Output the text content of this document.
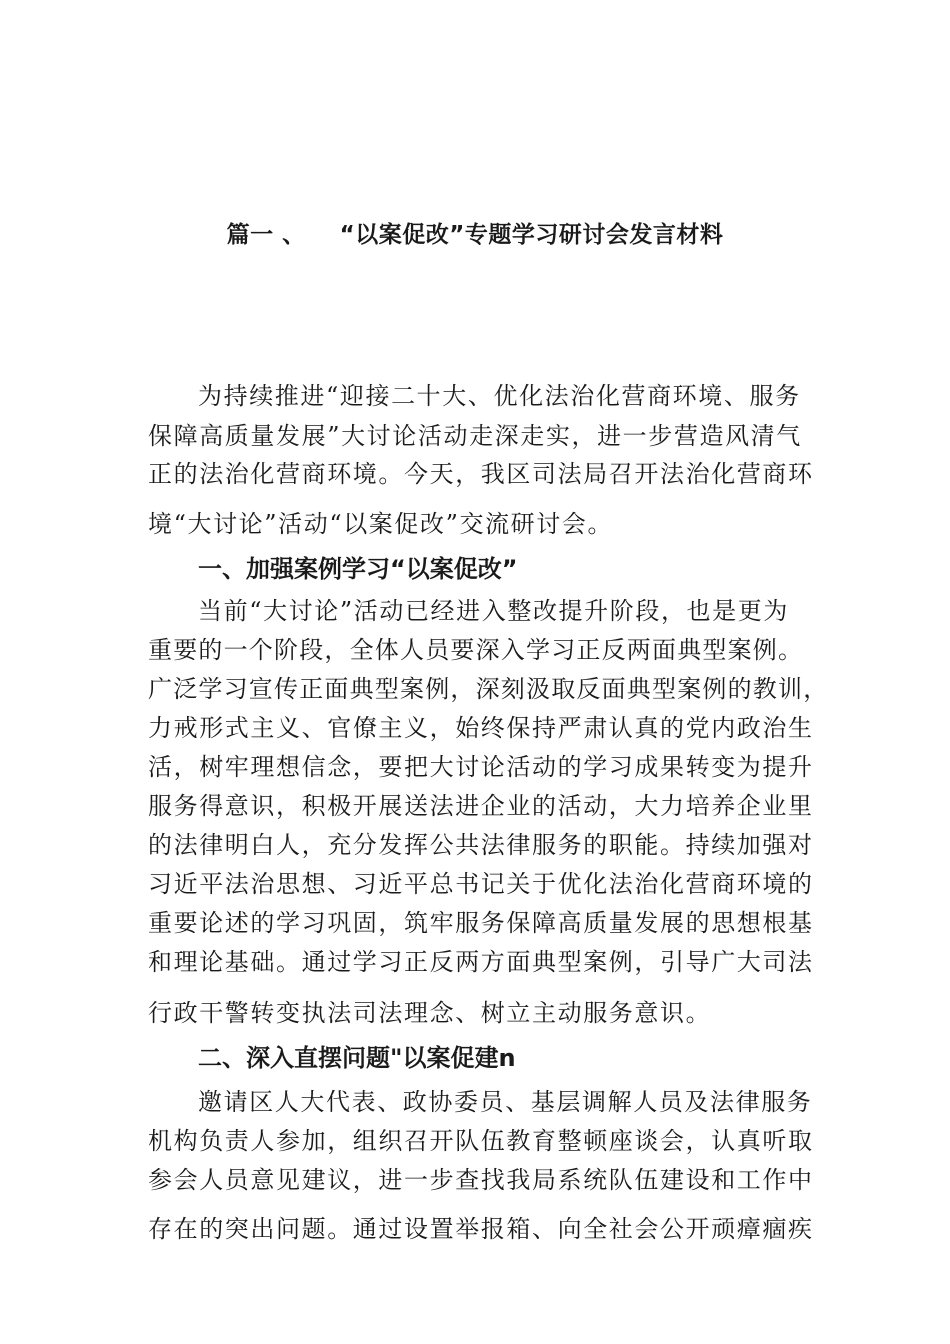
篇一 、    “以案促改”专题学习研讨会发言材料
为持续推进“迎接二十大、优化法治化营商环境、服务
保障高质量发展”大讨论活动走深走实，进一步营造风清气
正的法治化营商环境。今天，我区司法局召开法治化营商环
境“大讨论”活动“以案促改”交流研讨会。
一、加强案例学习“以案促改”
当前“大讨论”活动已经进入整改提升阶段，也是更为
重要的一个阶段，全体人员要深入学习正反两面典型案例。
广泛学习宣传正面典型案例，深刻汲取反面典型案例的教训，
力戒形式主义、官僚主义，始终保持严肃认真的党内政治生
活，树牢理想信念，要把大讨论活动的学习成果转变为提升
服务得意识，积极开展送法进企业的活动，大力培养企业里
的法律明白人，充分发挥公共法律服务的职能。持续加强对
习近平法治思想、习近平总书记关于优化法治化营商环境的
重要论述的学习巩固，筑牢服务保障高质量发展的思想根基
和理论基础。通过学习正反两方面典型案例，引导广大司法
行政干警转变执法司法理念、树立主动服务意识。
二、深入直摆问题"以案促建n
邀请区人大代表、政协委员、基层调解人员及法律服务
机构负责人参加，组织召开队伍教育整顿座谈会，认真听取
参会人员意见建议，进一步查找我局系统队伍建设和工作中
存在的突出问题。通过设置举报箱、向全社会公开顽瘴痼疾
